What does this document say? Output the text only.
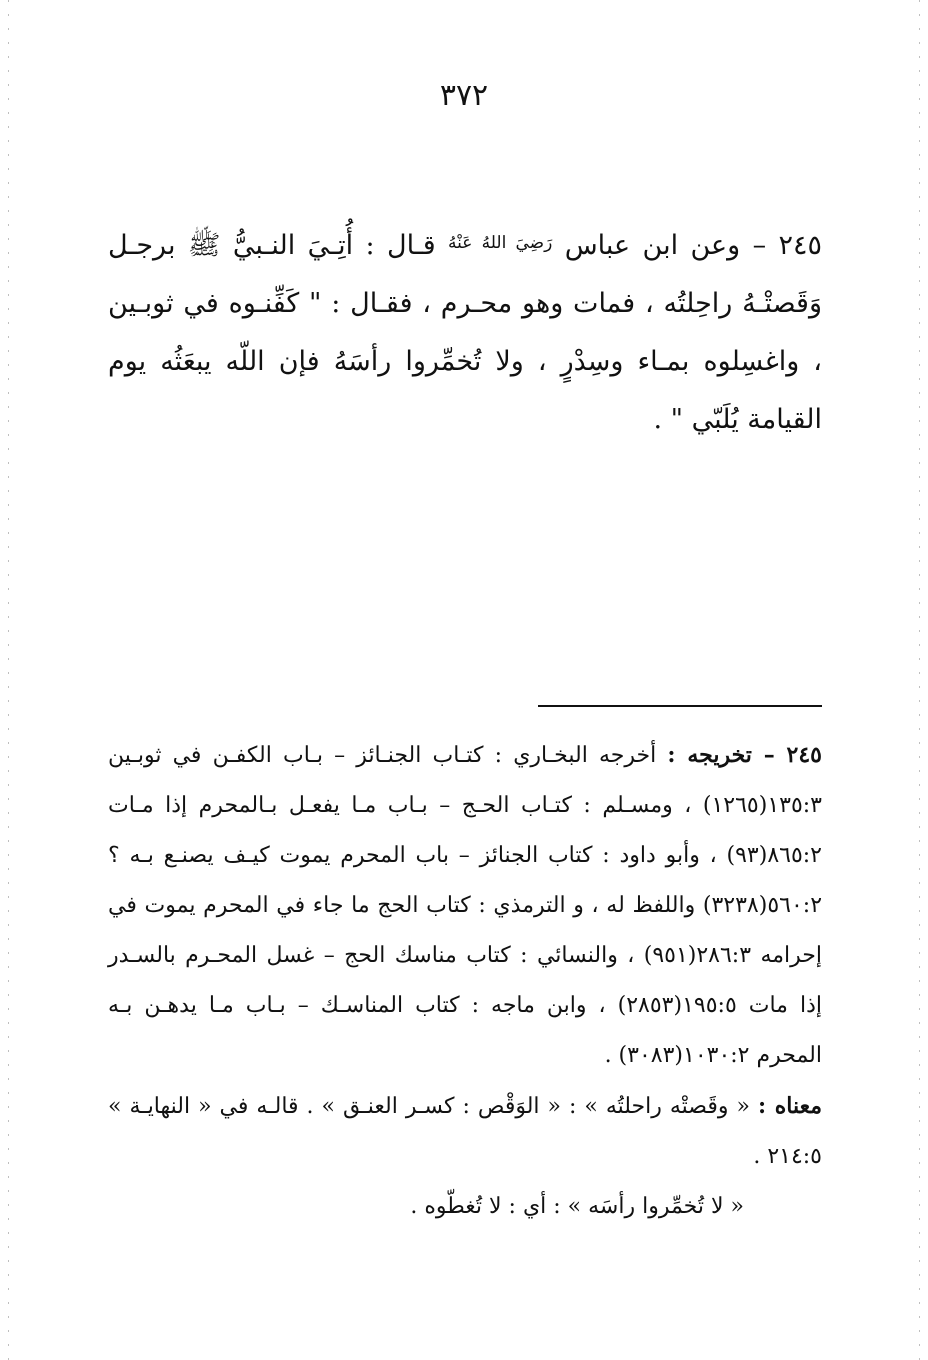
٣٧٢

٢٤٥ – وعن ابن عباس $^{رَضِيَ اللهُ عَنْهُ}$ قـال : أُتِـيَ النـبيُّ ﷺ برجـل وَقَصتْـهُ راحِلتُه ، فمات وهو محـرم ، فقـال : " كَفِّنـوه في ثوبـين ، واغسِلوه بمـاء وسِدْرٍ ، ولا تُخمِّروا رأسَهُ فإن اللّه يبعَثُه يوم القيامة يُلَبّي " .

٢٤٥ – تخريجه : أخرجه البخـاري : كتـاب الجنـائز – بـاب الكفـن في ثوبـين ١٣٥:٣(١٢٦٥) ، ومسـلم : كتـاب الحـج – بـاب مـا يفعـل بـالمحرم إذا مـات ٨٦٥:٢(٩٣) ، وأبو داود : كتاب الجنائز – باب المحرم يموت كيـف يصنـع بـه ؟ ٥٦٠:٢(٣٢٣٨) واللفظ له ، و الترمذي : كتاب الحج ما جاء في المحرم يموت في إحرامه ٢٨٦:٣(٩٥١) ، والنسائي : كتاب مناسك الحج – غسل المحـرم بالسـدر إذا مات ١٩٥:٥(٢٨٥٣) ، وابن ماجه : كتاب المناسـك – بـاب مـا يدهـن بـه المحرم ١٠٣٠:٢(٣٠٨٣) .

معناه : « وقَصتْه راحلتُه » : « الوَقْص : كسـر العنـق » . قالـه في « النهايـة » ٢١٤:٥ .

« لا تُخمِّروا رأسَه » : أي : لا تُغطّوه .
